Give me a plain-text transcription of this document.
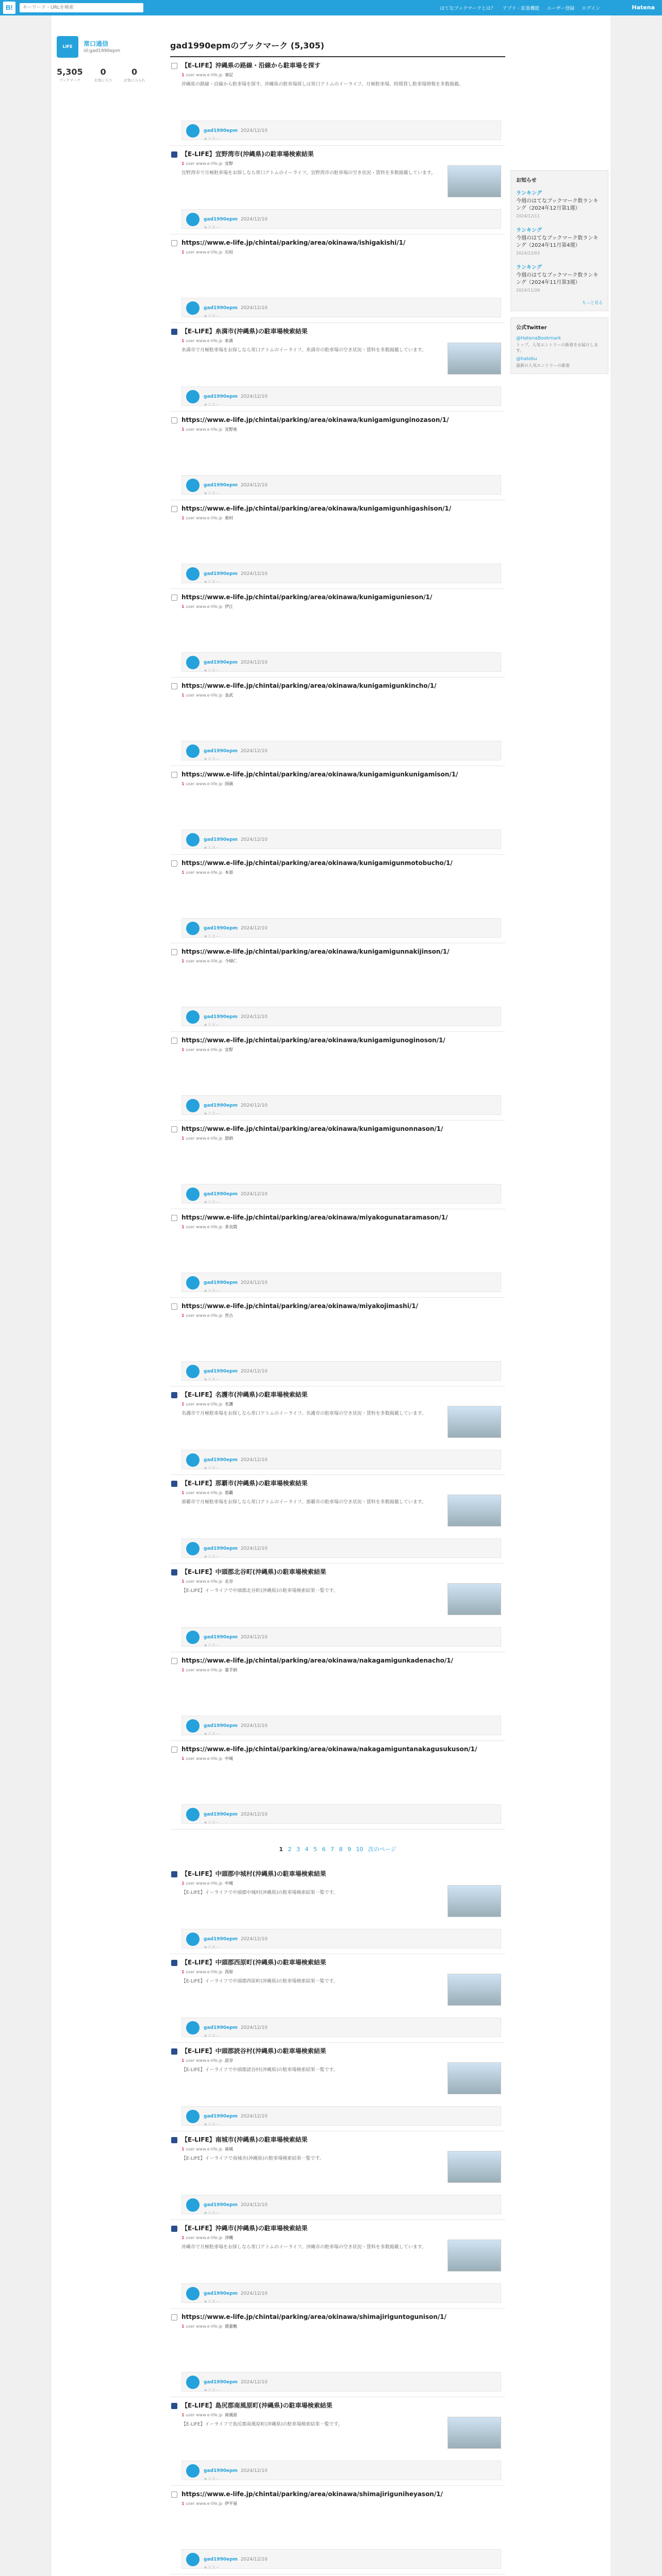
B!
キーワード・URLを検索	はてなブックマークとは？ アプリ・拡張機能 ユーザー登録 ログイン	Hatena
LIFE	常口通信
id:gad1990epm
5,305
ブックマーク
0
お気に入り
0
お気に入られ
gad1990epmのブックマーク (5,305)
【E-LIFE】沖縄県の路線・沿線から駐車場を探す
1 user www.e-life.jp 事記
沖縄県の路線・沿線から駐車場を探す。沖縄県の駐車場探しは常口アトムのイーライフ。月極駐車場、時間貸し駐車場情報を多数掲載。
gad1990epm 2024/12/10
★スター
【E-LIFE】宜野湾市(沖縄県)の駐車場検索結果
1 user www.e-life.jp 宜野
宜野湾市で月極駐車場をお探しなら常口アトムのイーライフ。宜野湾市の駐車場の空き状況・賃料を多数掲載しています。
gad1990epm 2024/12/10
★スター
https://www.e-life.jp/chintai/parking/area/okinawa/ishigakishi/1/
1 user www.e-life.jp 石垣
gad1990epm 2024/12/10
★スター
【E-LIFE】糸満市(沖縄県)の駐車場検索結果
1 user www.e-life.jp 糸満
糸満市で月極駐車場をお探しなら常口アトムのイーライフ。糸満市の駐車場の空き状況・賃料を多数掲載しています。
gad1990epm 2024/12/10
★スター
https://www.e-life.jp/chintai/parking/area/okinawa/kunigamigunginozason/1/
1 user www.e-life.jp 宜野座
gad1990epm 2024/12/10
★スター
https://www.e-life.jp/chintai/parking/area/okinawa/kunigamigunhigashison/1/
1 user www.e-life.jp 東村
gad1990epm 2024/12/10
★スター
https://www.e-life.jp/chintai/parking/area/okinawa/kunigamigunieson/1/
1 user www.e-life.jp 伊江
gad1990epm 2024/12/10
★スター
https://www.e-life.jp/chintai/parking/area/okinawa/kunigamigunkincho/1/
1 user www.e-life.jp 金武
gad1990epm 2024/12/10
★スター
https://www.e-life.jp/chintai/parking/area/okinawa/kunigamigunkunigamison/1/
1 user www.e-life.jp 国頭
gad1990epm 2024/12/10
★スター
https://www.e-life.jp/chintai/parking/area/okinawa/kunigamigunmotobucho/1/
1 user www.e-life.jp 本部
gad1990epm 2024/12/10
★スター
https://www.e-life.jp/chintai/parking/area/okinawa/kunigamigunnakijinson/1/
1 user www.e-life.jp 今帰仁
gad1990epm 2024/12/10
★スター
https://www.e-life.jp/chintai/parking/area/okinawa/kunigamigunoginoson/1/
1 user www.e-life.jp 宜野
gad1990epm 2024/12/10
★スター
https://www.e-life.jp/chintai/parking/area/okinawa/kunigamigunonnason/1/
1 user www.e-life.jp 恩納
gad1990epm 2024/12/10
★スター
https://www.e-life.jp/chintai/parking/area/okinawa/miyakogunataramason/1/
1 user www.e-life.jp 多良間
gad1990epm 2024/12/10
★スター
https://www.e-life.jp/chintai/parking/area/okinawa/miyakojimashi/1/
1 user www.e-life.jp 宮古
gad1990epm 2024/12/10
★スター
【E-LIFE】名護市(沖縄県)の駐車場検索結果
1 user www.e-life.jp 名護
名護市で月極駐車場をお探しなら常口アトムのイーライフ。名護市の駐車場の空き状況・賃料を多数掲載しています。
gad1990epm 2024/12/10
★スター
【E-LIFE】那覇市(沖縄県)の駐車場検索結果
1 user www.e-life.jp 那覇
那覇市で月極駐車場をお探しなら常口アトムのイーライフ。那覇市の駐車場の空き状況・賃料を多数掲載しています。
gad1990epm 2024/12/10
★スター
【E-LIFE】中頭郡北谷町(沖縄県)の駐車場検索結果
1 user www.e-life.jp 北谷
【E-LIFE】イーライフで中頭郡北谷町(沖縄県)の駐車場検索結果一覧です。
gad1990epm 2024/12/10
★スター
https://www.e-life.jp/chintai/parking/area/okinawa/nakagamigunkadenacho/1/
1 user www.e-life.jp 嘉手納
gad1990epm 2024/12/10
★スター
https://www.e-life.jp/chintai/parking/area/okinawa/nakagamiguntanakagusukuson/1/
1 user www.e-life.jp 中城
gad1990epm 2024/12/10
★スター
1 2 3 4 5 6 7 8 9 10 次のページ
【E-LIFE】中頭郡中城村(沖縄県)の駐車場検索結果
1 user www.e-life.jp 中城
【E-LIFE】イーライフで中頭郡中城村(沖縄県)の駐車場検索結果一覧です。
gad1990epm 2024/12/10
★スター
【E-LIFE】中頭郡西原町(沖縄県)の駐車場検索結果
1 user www.e-life.jp 西原
【E-LIFE】イーライフで中頭郡西原町(沖縄県)の駐車場検索結果一覧です。
gad1990epm 2024/12/10
★スター
【E-LIFE】中頭郡読谷村(沖縄県)の駐車場検索結果
1 user www.e-life.jp 読谷
【E-LIFE】イーライフで中頭郡読谷村(沖縄県)の駐車場検索結果一覧です。
gad1990epm 2024/12/10
★スター
【E-LIFE】南城市(沖縄県)の駐車場検索結果
1 user www.e-life.jp 南城
【E-LIFE】イーライフで南城市(沖縄県)の駐車場検索結果一覧です。
gad1990epm 2024/12/10
★スター
【E-LIFE】沖縄市(沖縄県)の駐車場検索結果
1 user www.e-life.jp 沖縄
沖縄市で月極駐車場をお探しなら常口アトムのイーライフ。沖縄市の駐車場の空き状況・賃料を多数掲載しています。
gad1990epm 2024/12/10
★スター
https://www.e-life.jp/chintai/parking/area/okinawa/shimajiriguntogunison/1/
1 user www.e-life.jp 渡嘉敷
gad1990epm 2024/12/10
★スター
【E-LIFE】島尻郡南風原町(沖縄県)の駐車場検索結果
1 user www.e-life.jp 南風原
【E-LIFE】イーライフで島尻郡南風原町(沖縄県)の駐車場検索結果一覧です。
gad1990epm 2024/12/10
★スター
https://www.e-life.jp/chintai/parking/area/okinawa/shimajiriguniheyason/1/
1 user www.e-life.jp 伊平屋
gad1990epm 2024/12/10
★スター
お知らせ
ランキング
今週のはてなブックマーク数ランキング（2024年12月第1週）
2024/12/11
ランキング
今週のはてなブックマーク数ランキング（2024年11月第4週）
2024/12/03
ランキング
今週のはてなブックマーク数ランキング（2024年11月第3週）
2024/11/26
もっと見る
公式Twitter
@HatenaBookmark
トップ、人気エントリーの新着をお届けします。
@hatebu
最新の人気エントリーの新着
